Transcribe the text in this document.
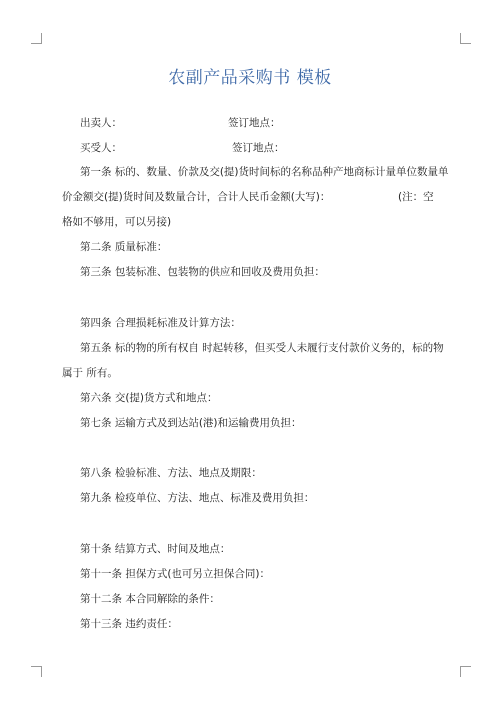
农副产品采购书 模板
出卖人：	签订地点：
买受人：	签订地点：
第一条 标的、数量、价款及交(提)货时间标的名称品种产地商标计量单位数量单
价金额交(提)货时间及数量合计，合计人民币金额(大写)：	(注：空
格如不够用，可以另接)
第二条 质量标准：
第三条 包装标准、包装物的供应和回收及费用负担：
第四条 合理损耗标准及计算方法：
第五条 标的物的所有权自 时起转移，但买受人未履行支付款价义务的，标的物
属于 所有。
第六条 交(提)货方式和地点：
第七条 运输方式及到达站(港)和运输费用负担：
第八条 检验标准、方法、地点及期限：
第九条 检疫单位、方法、地点、标准及费用负担：
第十条 结算方式、时间及地点：
第十一条 担保方式(也可另立担保合同)：
第十二条 本合同解除的条件：
第十三条 违约责任：
